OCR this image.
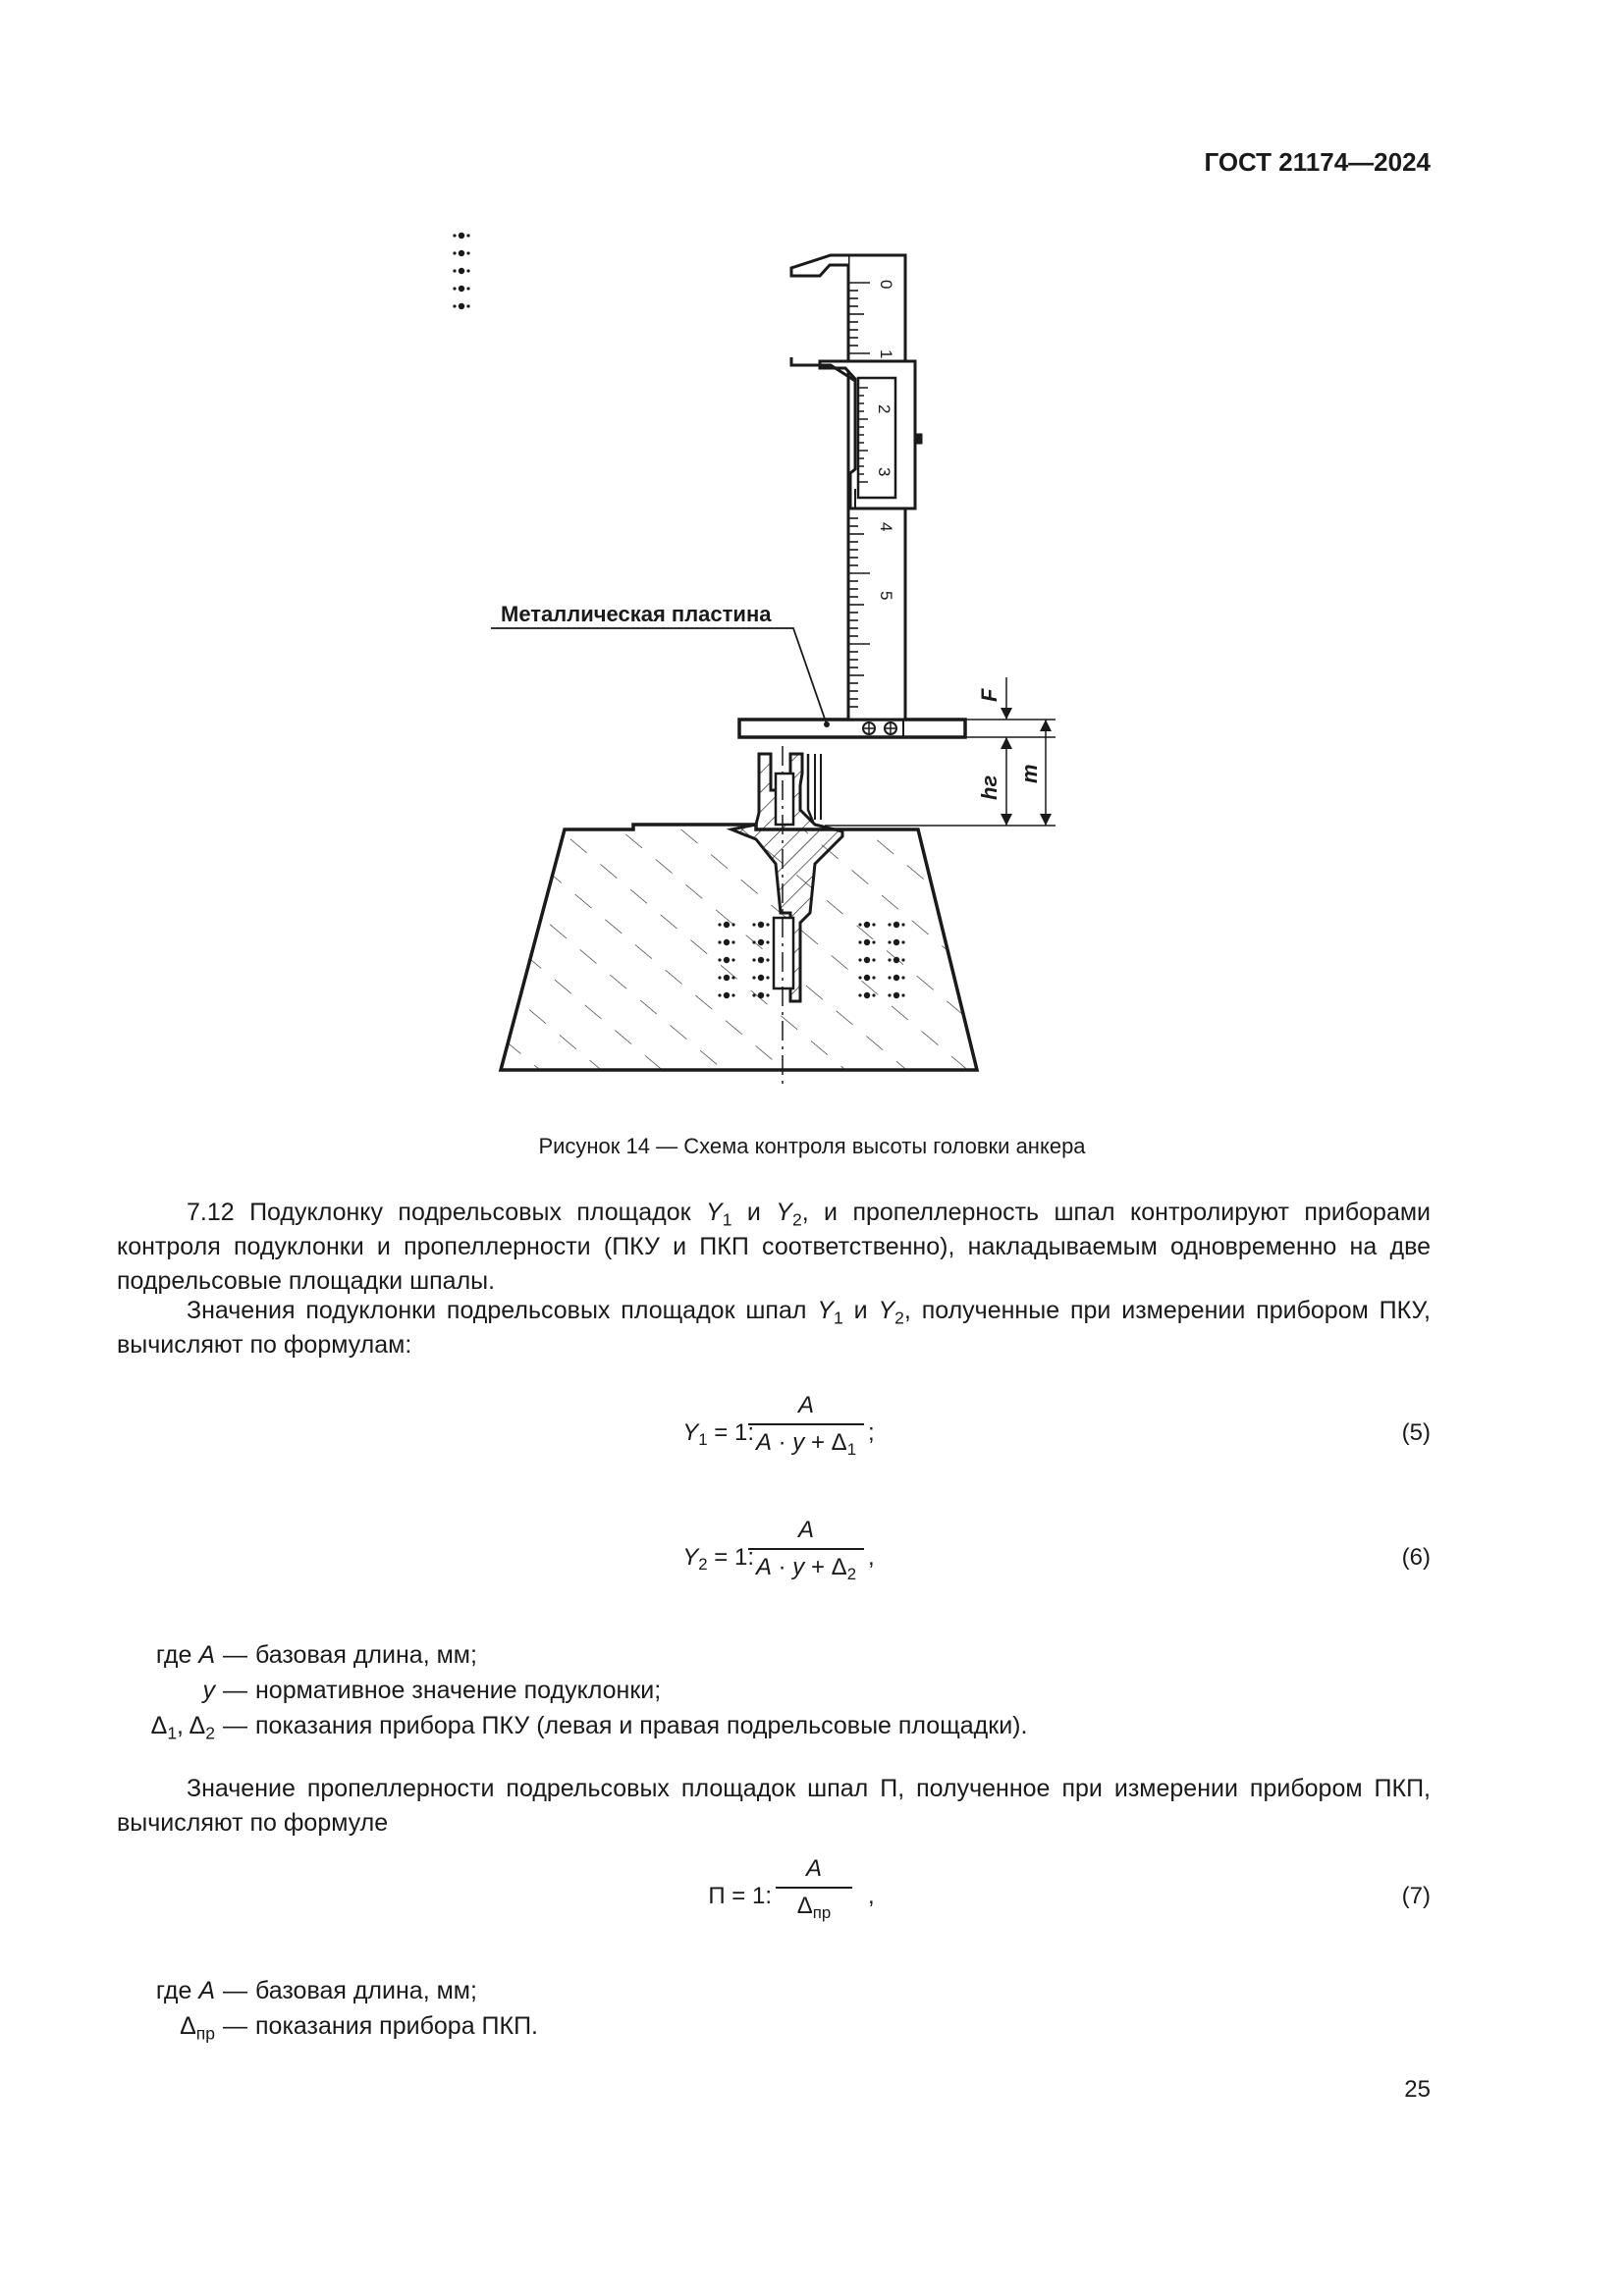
ГОСТ 21174—2024
0
1
2
3
4
5
Металлическая пластина
F
hг
m
Рисунок 14 — Схема контроля высоты головки анкера

7.12 Подуклонку подрельсовых площадок $Y_1$ и $Y_2$, и пропеллерность шпал контролируют приборами контроля подуклонки и пропеллерности (ПКУ и ПКП соответственно), накладываемым одновременно на две подрельсовые площадки шпалы.

Значения подуклонки подрельсовых площадок шпал $Y_1$ и $Y_2$, полученные при измерении прибором ПКУ, вычисляют по формулам:

$Y_1 = 1$:
$\frac{A}{A \cdot y + \Delta_1}$ ;	(5)
$Y_2 = 1$:
$\frac{A}{A \cdot y + \Delta_2}$ ,	(6)
где A — базовая длина, мм;
y — нормативное значение подуклонки;
$\Delta_1$, $\Delta_2$ — показания прибора ПКУ (левая и правая подрельсовые площадки).

Значение пропеллерности подрельсовых площадок шпал П, полученное при измерении прибором ПКП, вычисляют по формуле

П = 1:
A
$\Delta_{пр}$
,	(7)
где A — базовая длина, мм;
$\Delta_{пр}$ — показания прибора ПКП.
25
